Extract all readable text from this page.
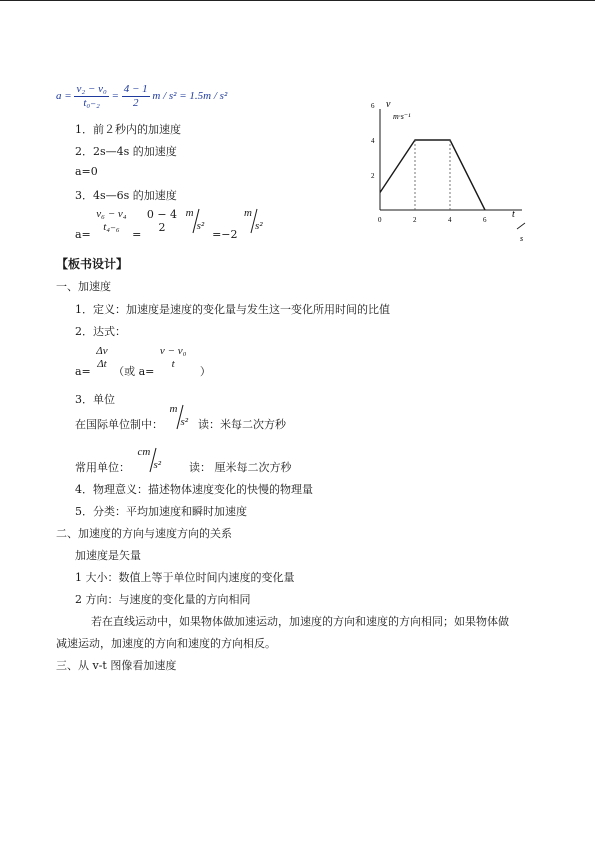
$a = \frac{\text{v₂ − v₀}}{\text{t₀₋₂}} = \frac{4 - 1}{2}$ m / s² = 1.5m / s²
1．前２秒内的加速度
2．2s—4s 的加速度
a=0
3．4s—6s 的加速度
a=
v₆ − v₄
t₄₋₆
=
0 − 4
2

m
s²
=−2
m
s²
6
4
2
0	2	4	6
v
m·s⁻¹
t
s
【板书设计】
一、加速度
1．定义：加速度是速度的变化量与发生这一变化所用时间的比值
2．达式：
a=
Δv
Δt
（或 a=
v − v₀
t
）
3．单位
在国际单位制中：
m
s² 读：米每二次方秒
常用单位：
cm
s²	读： 厘米每二次方秒
4．物理意义：描述物体速度变化的快慢的物理量
5．分类：平均加速度和瞬时加速度
二、加速度的方向与速度方向的关系
加速度是矢量
1 大小：数值上等于单位时间内速度的变化量
2 方向：与速度的变化量的方向相同
若在直线运动中，如果物体做加速运动，加速度的方向和速度的方向相同；如果物体做
减速运动，加速度的方向和速度的方向相反。
三、从 v-t 图像看加速度
